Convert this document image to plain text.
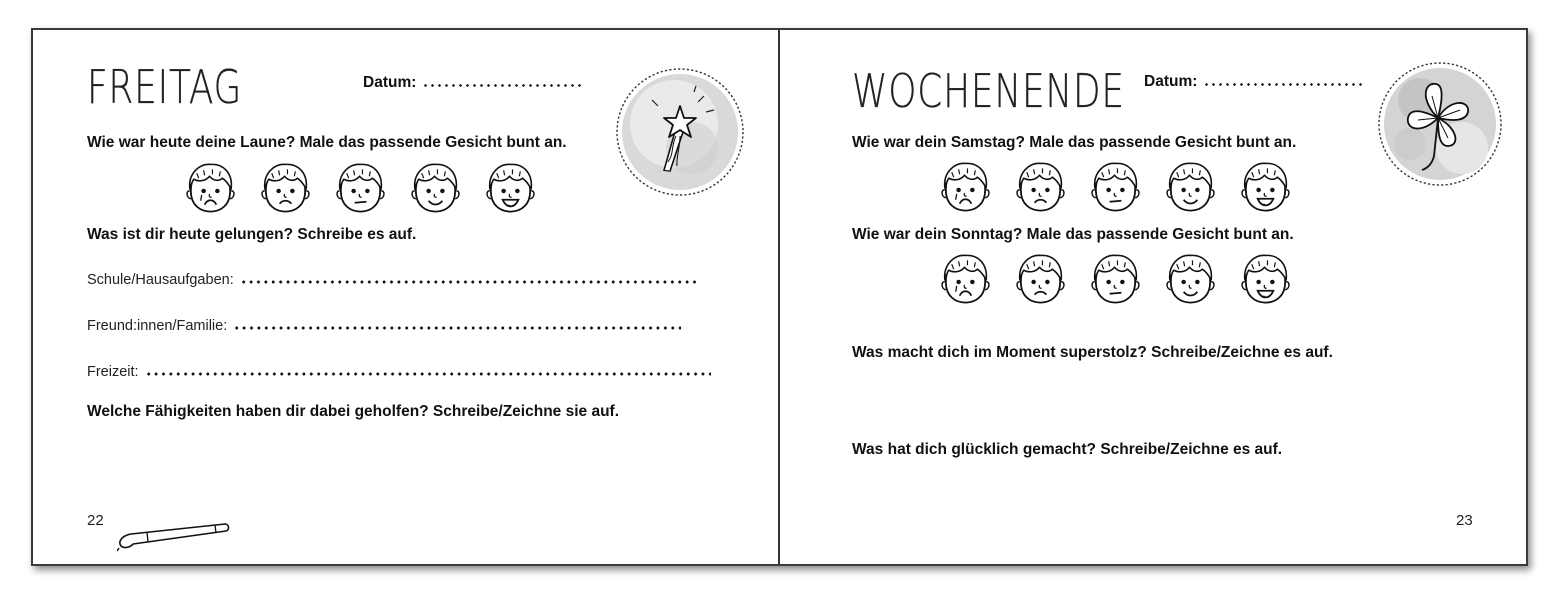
FREITAG	Datum:
Wie war heute deine Laune? Male das passende Gesicht bunt an.
Was ist dir heute gelungen? Schreibe es auf.
Schule/Hausaufgaben:
Freund:innen/Familie:
Freizeit:
Welche Fähigkeiten haben dir dabei geholfen? Schreibe/Zeichne sie auf.
22
WOCHENENDE Datum:
Wie war dein Samstag? Male das passende Gesicht bunt an.
Wie war dein Sonntag? Male das passende Gesicht bunt an.
Was macht dich im Moment superstolz? Schreibe/Zeichne es auf.
Was hat dich glücklich gemacht? Schreibe/Zeichne es auf.
23
